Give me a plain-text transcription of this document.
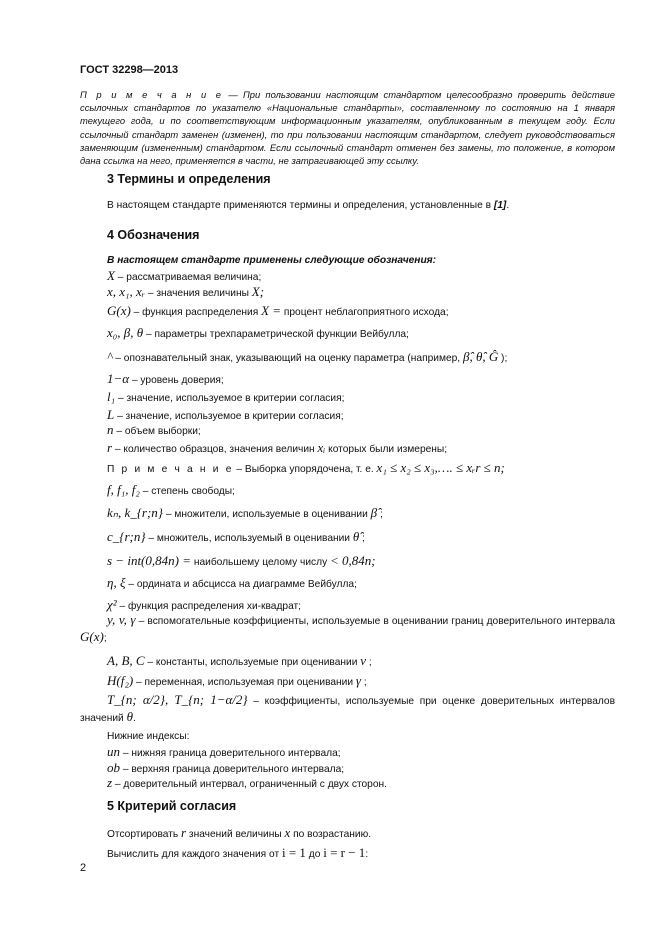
ГОСТ 32298—2013
П р и м е ч а н и е — При пользовании настоящим стандартом целесообразно проверить действие ссылочных стандартов по указателю «Национальные стандарты», составленному по состоянию на 1 января текущего года, и по соответствующим информационным указателям, опубликованным в текущем году. Если ссылочный стандарт заменен (изменен), то при пользовании настоящим стандартом, следует руководствоваться заменяющим (измененным) стандартом. Если ссылочный стандарт отменен без замены, то положение, в котором дана ссылка на него, применяется в части, не затрагивающей эту ссылку.
3 Термины и определения
В настоящем стандарте применяются термины и определения, установленные в [1].
4 Обозначения
В настоящем стандарте применены следующие обозначения:
X – рассматриваемая величина;
x, x₁, xᵣ – значения величины X;
G(x) – функция распределения X = процент неблагоприятного исхода;
x₀, β, θ – параметры трехпараметрической функции Вейбулла;
^ – опознавательный знак, указывающий на оценку параметра (например, β̂, θ̂, Ĝ );
1−α – уровень доверия;
l₁ – значение, используемое в критерии согласия;
L – значение, используемое в критерии согласия;
n – объем выборки;
r – количество образцов, значения величин xᵢ которых были измерены;
П р и м е ч а н и е – Выборка упорядочена, т. е. x₁ ≤ x₂ ≤ x₃,…. ≤ xᵣr ≤ n;
f, f₁, f₂ – степень свободы;
kₙ, k_{r;n} – множители, используемые в оценивании β̂ ;
c_{r;n} – множитель, используемый в оценивании θ̂ ;
s − int(0,84n) = наибольшему целому числу < 0,84n;
η, ξ – ордината и абсцисса на диаграмме Вейбулла;
χ² – функция распределения хи-квадрат;
y, v, γ – вспомогательные коэффициенты, используемые в оценивании границ доверительного интервала G(x);
A, B, C – константы, используемые при оценивании v ;
H(f₂) – переменная, используемая при оценивании γ ;
T_{n; α/2}, T_{n; 1−α/2} – коэффициенты, используемые при оценке доверительных интервалов значений θ.
Нижние индексы:
un – нижняя граница доверительного интервала;
ob – верхняя граница доверительного интервала;
z – доверительный интервал, ограниченный с двух сторон.
5 Критерий согласия
Отсортировать r значений величины x по возрастанию.
Вычислить для каждого значения от i = 1 до i = r − 1:
2
